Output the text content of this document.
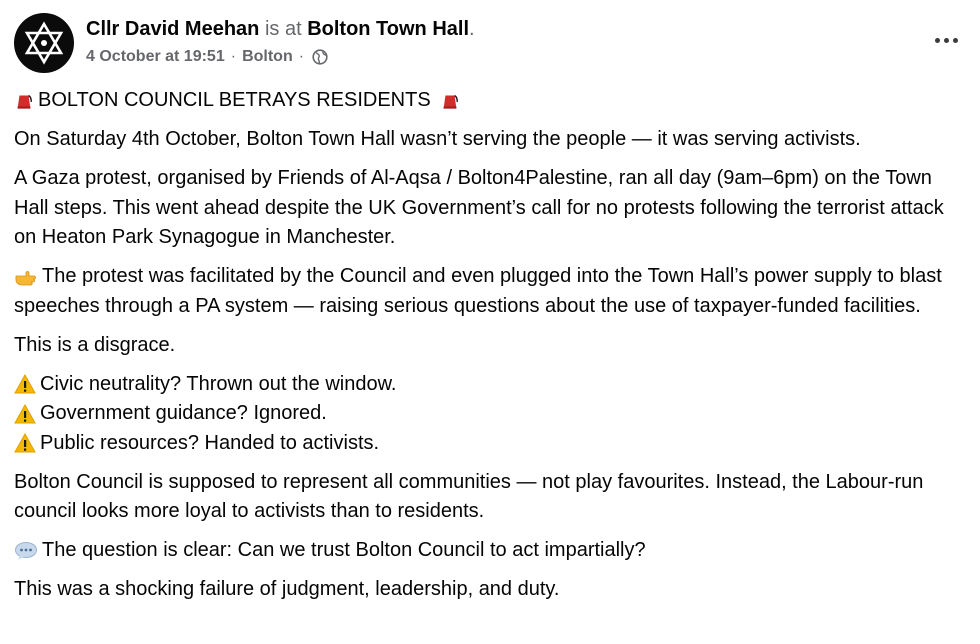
Cllr David Meehan is at Bolton Town Hall.
4 October at 19:51 · Bolton ·
BOLTON COUNCIL BETRAYS RESIDENTS
On Saturday 4th October, Bolton Town Hall wasn’t serving the people — it was serving activists.
A Gaza protest, organised by Friends of Al-Aqsa / Bolton4Palestine, ran all day (9am–6pm) on the Town Hall steps. This went ahead despite the UK Government’s call for no protests following the terrorist attack on Heaton Park Synagogue in Manchester.
The protest was facilitated by the Council and even plugged into the Town Hall’s power supply to blast speeches through a PA system — raising serious questions about the use of taxpayer-funded facilities.
This is a disgrace.
Civic neutrality? Thrown out the window.
Government guidance? Ignored.
Public resources? Handed to activists.
Bolton Council is supposed to represent all communities — not play favourites. Instead, the Labour-run council looks more loyal to activists than to residents.
The question is clear: Can we trust Bolton Council to act impartially?
This was a shocking failure of judgment, leadership, and duty.
